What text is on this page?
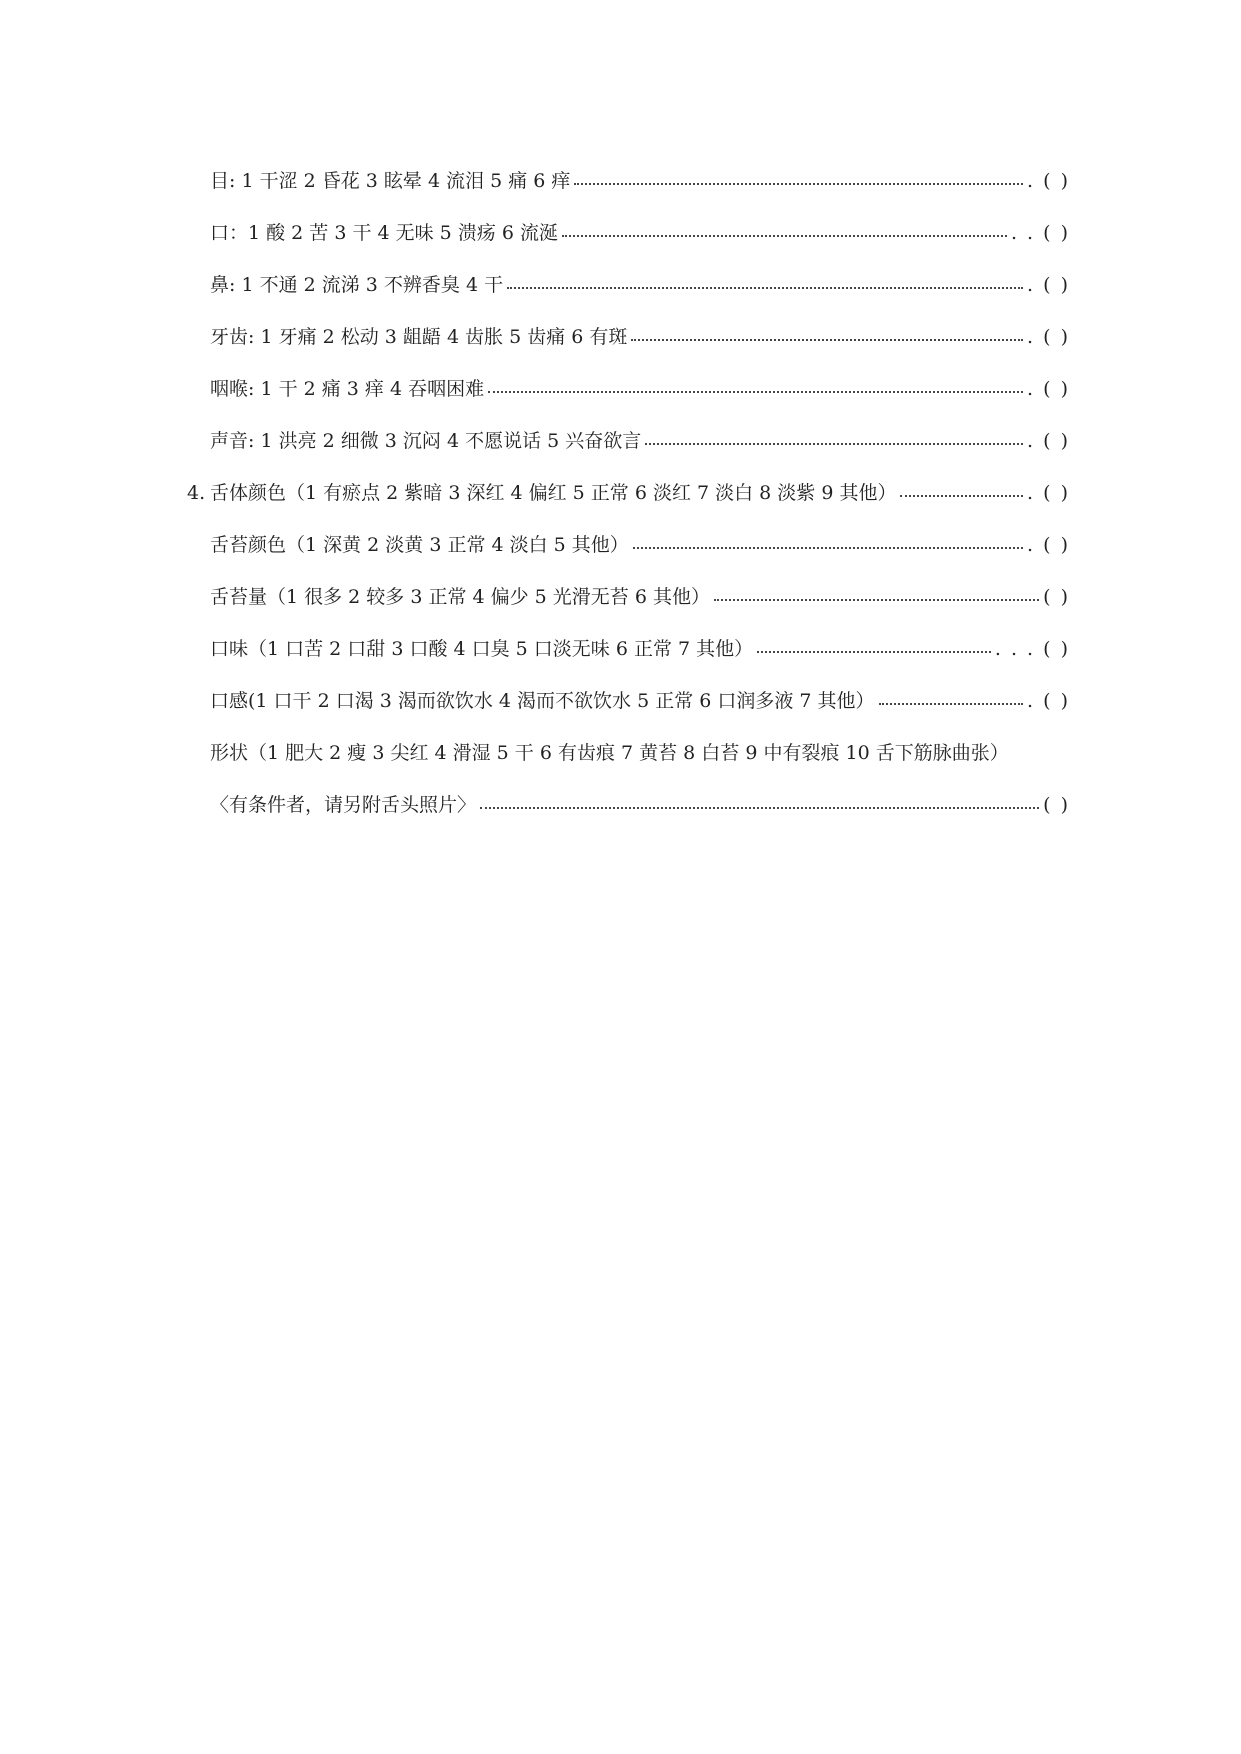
目: 1 干涩 2 昏花 3 眩晕 4 流泪 5 痛 6 痒	. ( )
口：1 酸 2 苦 3 干 4 无味 5 溃疡 6 流涎	. . ( )
鼻: 1 不通 2 流涕 3 不辨香臭 4 干	. ( )
牙齿: 1 牙痛 2 松动 3 龃龉 4 齿胀 5 齿痛 6 有斑	. ( )
咽喉: 1 干 2 痛 3 痒 4 吞咽困难	. ( )
声音: 1 洪亮 2 细微 3 沉闷 4 不愿说话 5 兴奋欲言	. ( )
4. 舌体颜色（1 有瘀点 2 紫暗 3 深红 4 偏红 5 正常 6 淡红 7 淡白 8 淡紫 9 其他）	. ( )
舌苔颜色（1 深黄 2 淡黄 3 正常 4 淡白 5 其他）	. ( )
舌苔量（1 很多 2 较多 3 正常 4 偏少 5 光滑无苔 6 其他）	( )
口味（1 口苦 2 口甜 3 口酸 4 口臭 5 口淡无味 6 正常 7 其他）	. . . ( )
口感(1 口干 2 口渴 3 渴而欲饮水 4 渴而不欲饮水 5 正常 6 口润多液 7 其他）	. ( )
形状（1 肥大 2 瘦 3 尖红 4 滑湿 5 干 6 有齿痕 7 黄苔 8 白苔 9 中有裂痕 10 舌下筋脉曲张）
〈有条件者，请另附舌头照片〉	( )
